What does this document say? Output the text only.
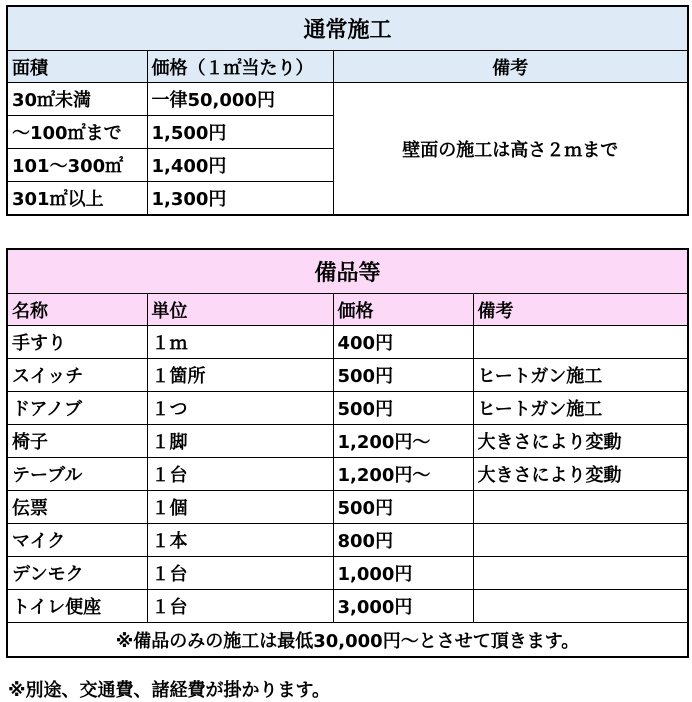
通常施工		
面積	価格（１㎡当たり）	備考
30㎡未満	一律50,000円	壁面の施工は高さ２ｍまで
～100㎡まで	1,500円	
101～300㎡	1,400円	
301㎡以上	1,300円	
備品等			
名称	単位	価格	備考
手すり	１ｍ	400円	
スイッチ	１箇所	500円	ヒートガン施工
ドアノブ	１つ	500円	ヒートガン施工
椅子	１脚	1,200円～	大きさにより変動
テーブル	１台	1,200円～	大きさにより変動
伝票	１個	500円	
マイク	１本	800円	
デンモク	１台	1,000円	
トイレ便座	１台	3,000円	
※備品のみの施工は最低30,000円～とさせて頂きます。			
※別途、交通費、諸経費が掛かります。
